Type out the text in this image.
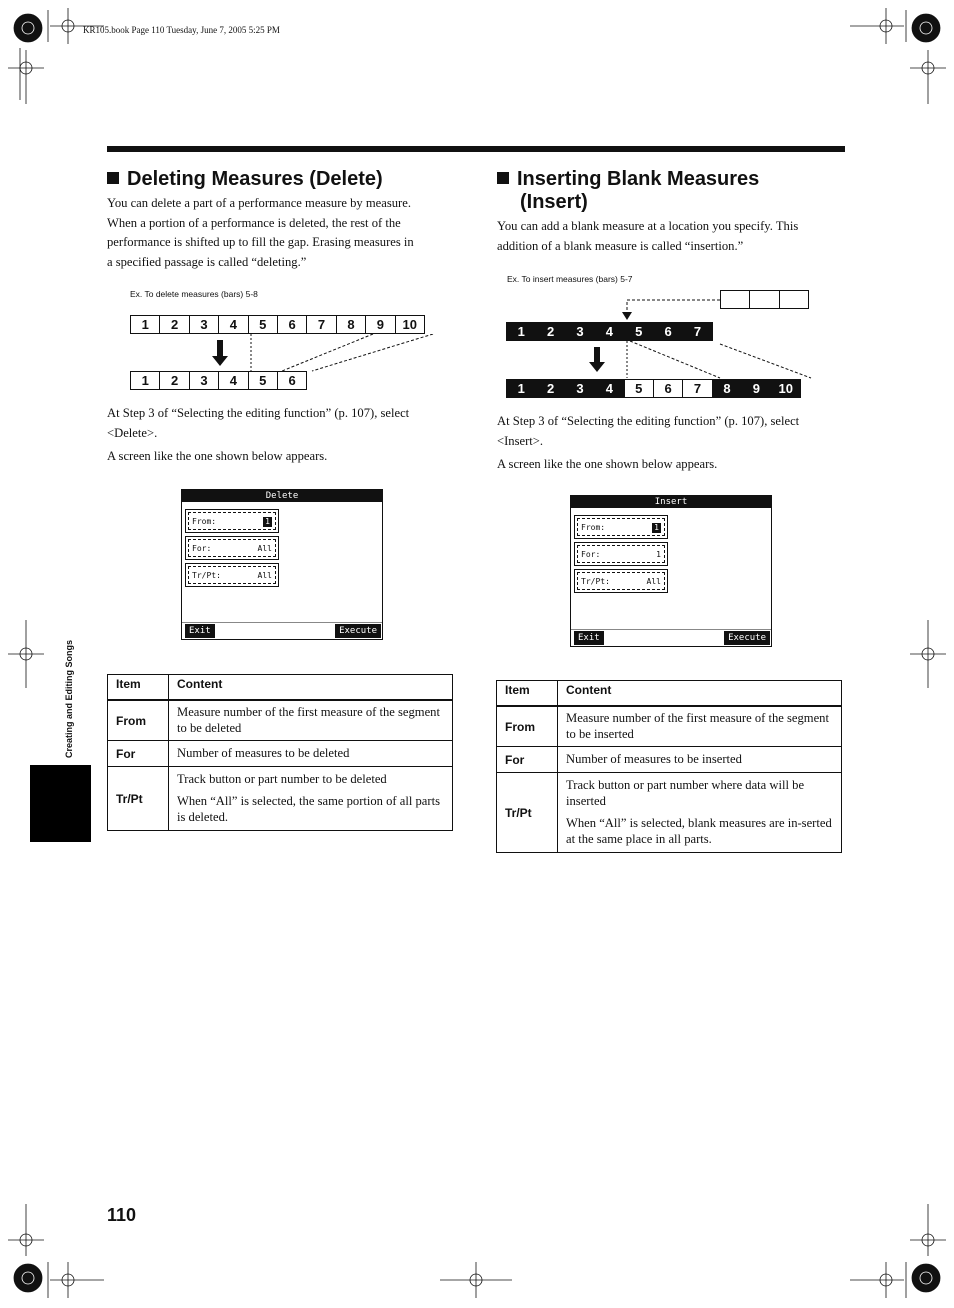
KR105.book Page 110 Tuesday, June 7, 2005 5:25 PM
Creating and Editing Songs
Deleting Measures (Delete)

You can delete a part of a performance measure by measure.

When a portion of a performance is deleted, the rest of the

performance is shifted up to fill the gap. Erasing measures in

a specified passage is called “deleting.”

Ex. To delete measures (bars) 5-8
1	2	3	4	5	6	7	8	9	10
1	2	3	4	5	6

At Step 3 of “Selecting the editing function” (p. 107), select

<Delete>.

A screen like the one shown below appears.

Delete
From:	1
For:	All
Tr/Pt:	All
Exit	Execute
Item	Content

From	Measure number of the first measure of the segment to be deleted
For	Number of measures to be deleted
Tr/Pt	Track button or part number to be deleted
When “All” is selected, the same portion of all parts is deleted.
Inserting Blank Measures
(Insert)

You can add a blank measure at a location you specify. This

addition of a blank measure is called “insertion.”

Ex. To insert measures (bars) 5-7
1	2	3	4	5	6	7
1	2	3	4	5	6	7	8	9	10

At Step 3 of “Selecting the editing function” (p. 107), select

<Insert>.

A screen like the one shown below appears.

Insert
From:	1
For:	1
Tr/Pt:	All
Exit	Execute
Item	Content

From	Measure number of the first measure of the segment to be inserted
For	Number of measures to be inserted
Tr/Pt	Track button or part number where data will be inserted
When “All” is selected, blank measures are in-serted at the same place in all parts.
110
